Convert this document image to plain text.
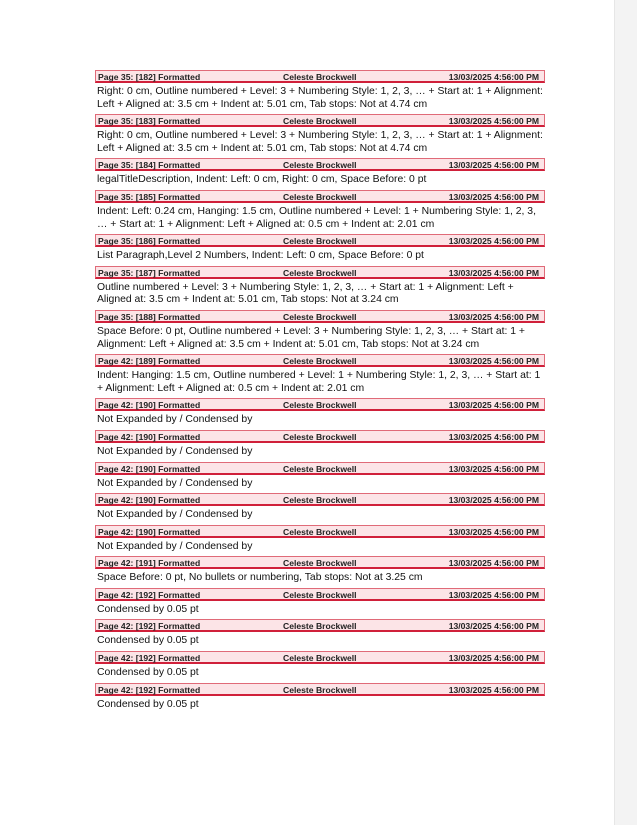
Page 35: [182] Formatted	Celeste Brockwell	13/03/2025 4:56:00 PM
Right: 0 cm, Outline numbered + Level: 3 + Numbering Style: 1, 2, 3, … + Start at: 1 + Alignment: Left + Aligned at: 3.5 cm + Indent at: 5.01 cm, Tab stops: Not at 4.74 cm
Page 35: [183] Formatted	Celeste Brockwell	13/03/2025 4:56:00 PM
Right: 0 cm, Outline numbered + Level: 3 + Numbering Style: 1, 2, 3, … + Start at: 1 + Alignment: Left + Aligned at: 3.5 cm + Indent at: 5.01 cm, Tab stops: Not at 4.74 cm
Page 35: [184] Formatted	Celeste Brockwell	13/03/2025 4:56:00 PM
legalTitleDescription, Indent: Left: 0 cm, Right: 0 cm, Space Before: 0 pt
Page 35: [185] Formatted	Celeste Brockwell	13/03/2025 4:56:00 PM
Indent: Left: 0.24 cm, Hanging: 1.5 cm, Outline numbered + Level: 1 + Numbering Style: 1, 2, 3, … + Start at: 1 + Alignment: Left + Aligned at: 0.5 cm + Indent at: 2.01 cm
Page 35: [186] Formatted	Celeste Brockwell	13/03/2025 4:56:00 PM
List Paragraph,Level 2 Numbers, Indent: Left: 0 cm, Space Before: 0 pt
Page 35: [187] Formatted	Celeste Brockwell	13/03/2025 4:56:00 PM
Outline numbered + Level: 3 + Numbering Style: 1, 2, 3, … + Start at: 1 + Alignment: Left + Aligned at: 3.5 cm + Indent at: 5.01 cm, Tab stops: Not at 3.24 cm
Page 35: [188] Formatted	Celeste Brockwell	13/03/2025 4:56:00 PM
Space Before: 0 pt, Outline numbered + Level: 3 + Numbering Style: 1, 2, 3, … + Start at: 1 + Alignment: Left + Aligned at: 3.5 cm + Indent at: 5.01 cm, Tab stops: Not at 3.24 cm
Page 42: [189] Formatted	Celeste Brockwell	13/03/2025 4:56:00 PM
Indent: Hanging: 1.5 cm, Outline numbered + Level: 1 + Numbering Style: 1, 2, 3, … + Start at: 1 + Alignment: Left + Aligned at: 0.5 cm + Indent at: 2.01 cm
Page 42: [190] Formatted	Celeste Brockwell	13/03/2025 4:56:00 PM
Not Expanded by / Condensed by
Page 42: [190] Formatted	Celeste Brockwell	13/03/2025 4:56:00 PM
Not Expanded by / Condensed by
Page 42: [190] Formatted	Celeste Brockwell	13/03/2025 4:56:00 PM
Not Expanded by / Condensed by
Page 42: [190] Formatted	Celeste Brockwell	13/03/2025 4:56:00 PM
Not Expanded by / Condensed by
Page 42: [190] Formatted	Celeste Brockwell	13/03/2025 4:56:00 PM
Not Expanded by / Condensed by
Page 42: [191] Formatted	Celeste Brockwell	13/03/2025 4:56:00 PM
Space Before: 0 pt, No bullets or numbering, Tab stops: Not at 3.25 cm
Page 42: [192] Formatted	Celeste Brockwell	13/03/2025 4:56:00 PM
Condensed by 0.05 pt
Page 42: [192] Formatted	Celeste Brockwell	13/03/2025 4:56:00 PM
Condensed by 0.05 pt
Page 42: [192] Formatted	Celeste Brockwell	13/03/2025 4:56:00 PM
Condensed by 0.05 pt
Page 42: [192] Formatted	Celeste Brockwell	13/03/2025 4:56:00 PM
Condensed by 0.05 pt
